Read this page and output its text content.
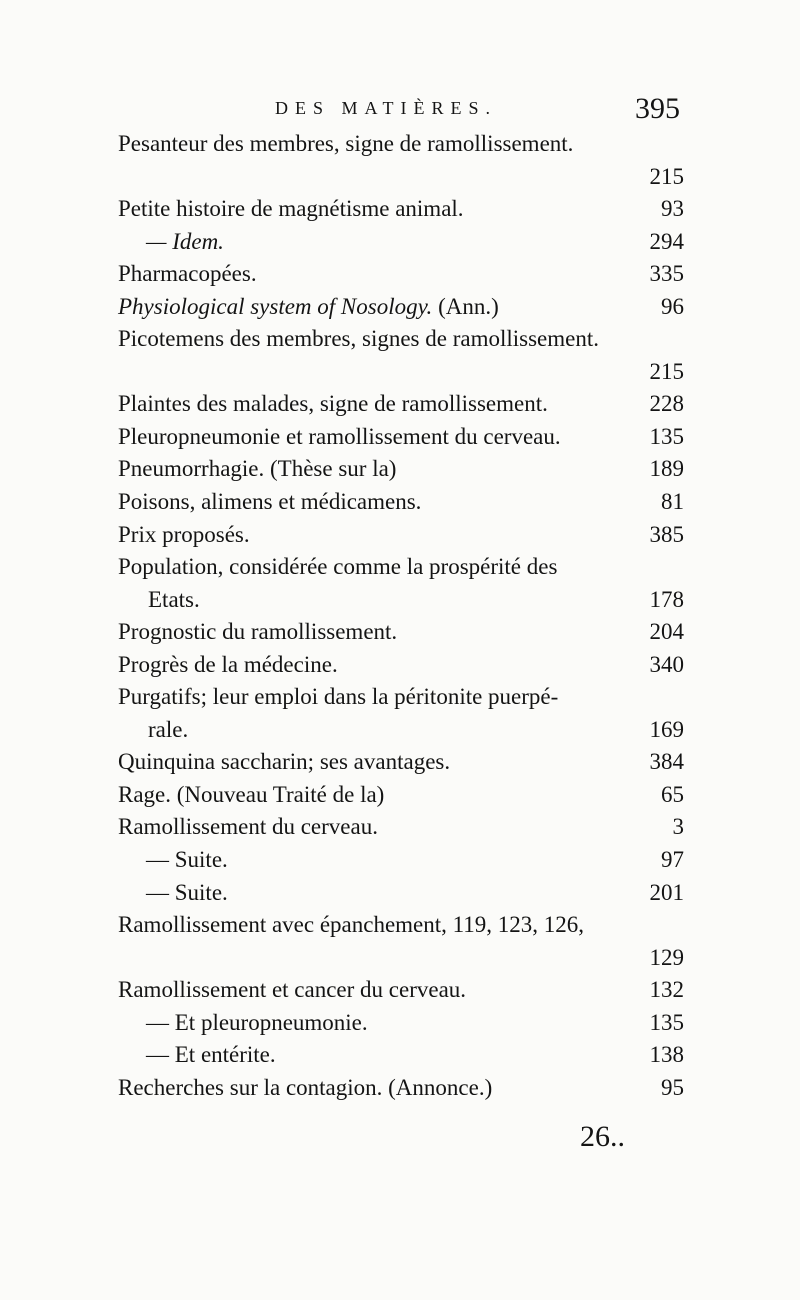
DES MATIÈRES.	395
Pesanteur des membres, signe de ramollissement.
215
Petite histoire de magnétisme animal.	93
— Idem.	294
Pharmacopées.	335
Physiological system of Nosology. (Ann.)	96
Picotemens des membres, signes de ramollissement.
215
Plaintes des malades, signe de ramollissement.	228
Pleuropneumonie et ramollissement du cerveau.	135
Pneumorrhagie. (Thèse sur la)	189
Poisons, alimens et médicamens.	81
Prix proposés.	385
Population, considérée comme la prospérité des
Etats.	178
Prognostic du ramollissement.	204
Progrès de la médecine.	340
Purgatifs; leur emploi dans la péritonite puerpé-
rale.	169
Quinquina saccharin; ses avantages.	384
Rage. (Nouveau Traité de la)	65
Ramollissement du cerveau.	3
— Suite.	97
— Suite.	201
Ramollissement avec épanchement, 119, 123, 126,
129
Ramollissement et cancer du cerveau.	132
— Et pleuropneumonie.	135
— Et entérite.	138
Recherches sur la contagion. (Annonce.)	95
26..
